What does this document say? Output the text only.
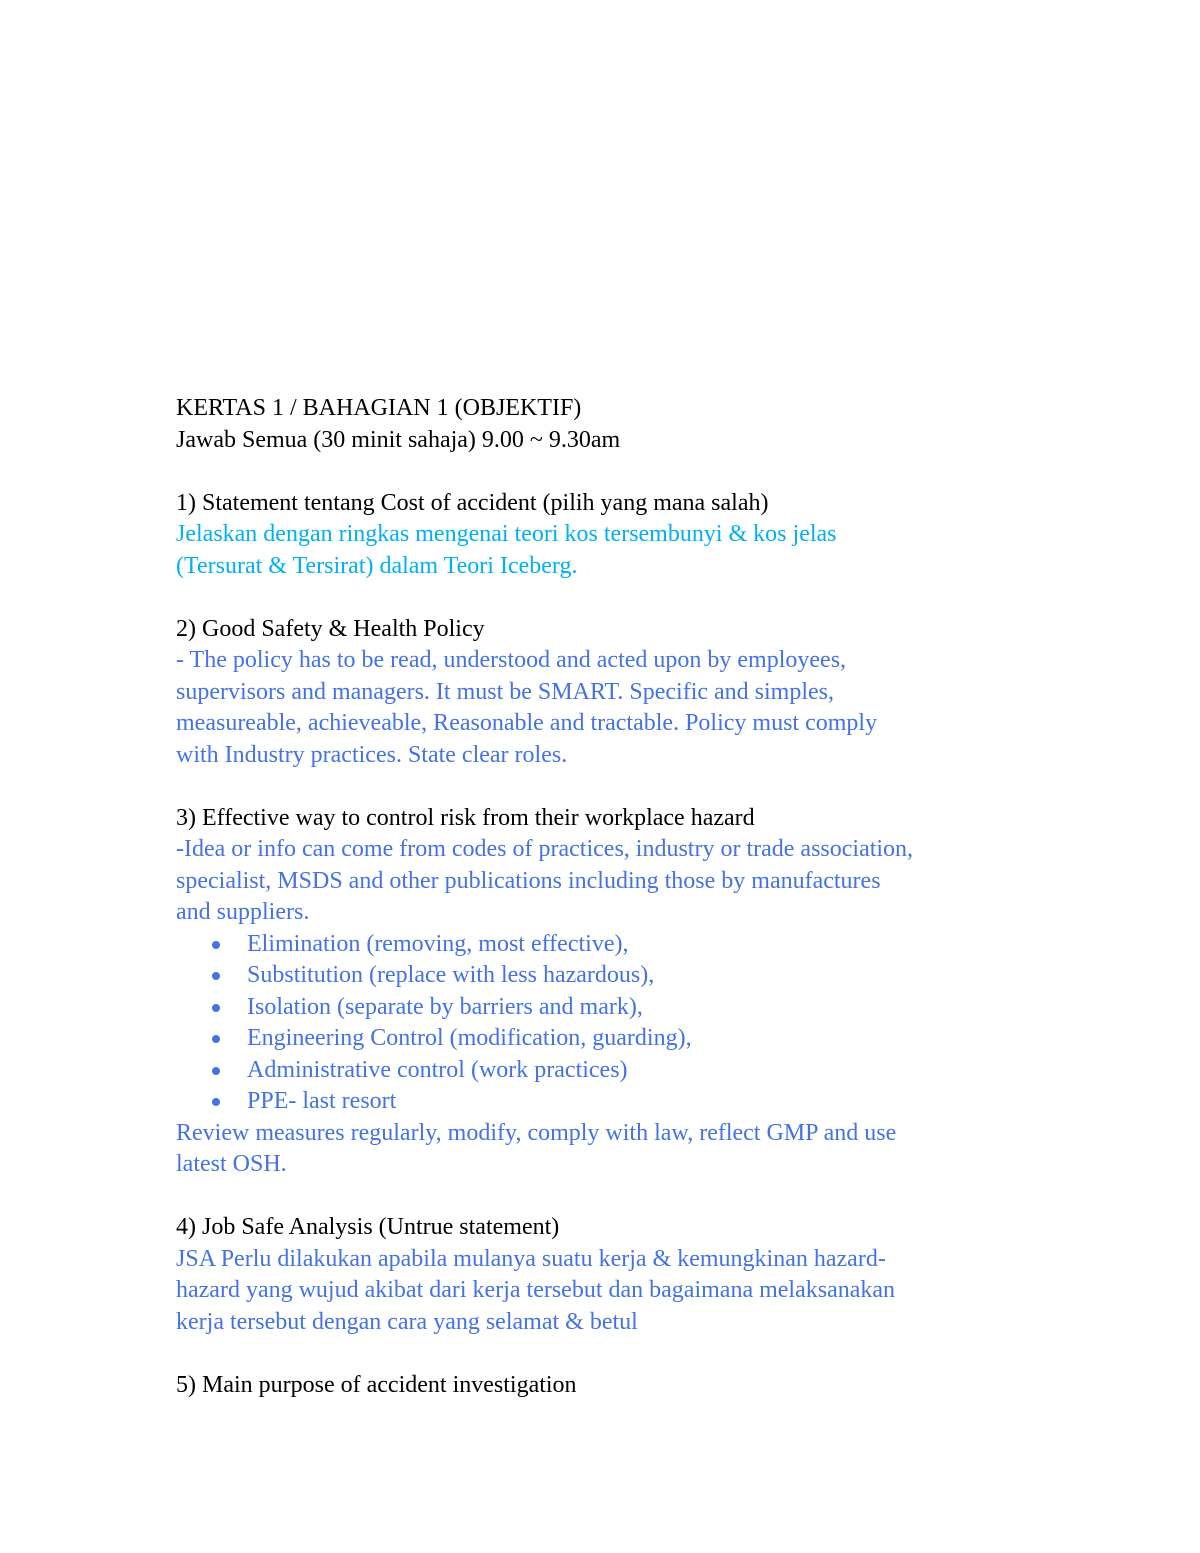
KERTAS 1 / BAHAGIAN 1 (OBJEKTIF)

Jawab Semua (30 minit sahaja) 9.00 ~ 9.30am

1) Statement tentang Cost of accident (pilih yang mana salah)

Jelaskan dengan ringkas mengenai teori kos tersembunyi & kos jelas

(Tersurat & Tersirat) dalam Teori Iceberg.

2) Good Safety & Health Policy

- The policy has to be read, understood and acted upon by employees,

supervisors and managers. It must be SMART. Specific and simples,

measureable, achieveable, Reasonable and tractable. Policy must comply

with Industry practices. State clear roles.

3) Effective way to control risk from their workplace hazard

-Idea or info can come from codes of practices, industry or trade association,

specialist, MSDS and other publications including those by manufactures

and suppliers.

Elimination (removing, most effective),
Substitution (replace with less hazardous),
Isolation (separate by barriers and mark),
Engineering Control (modification, guarding),
Administrative control (work practices)
PPE- last resort

Review measures regularly, modify, comply with law, reflect GMP and use

latest OSH.

4) Job Safe Analysis (Untrue statement)

JSA Perlu dilakukan apabila mulanya suatu kerja & kemungkinan hazard-

hazard yang wujud akibat dari kerja tersebut dan bagaimana melaksanakan

kerja tersebut dengan cara yang selamat & betul

5) Main purpose of accident investigation
